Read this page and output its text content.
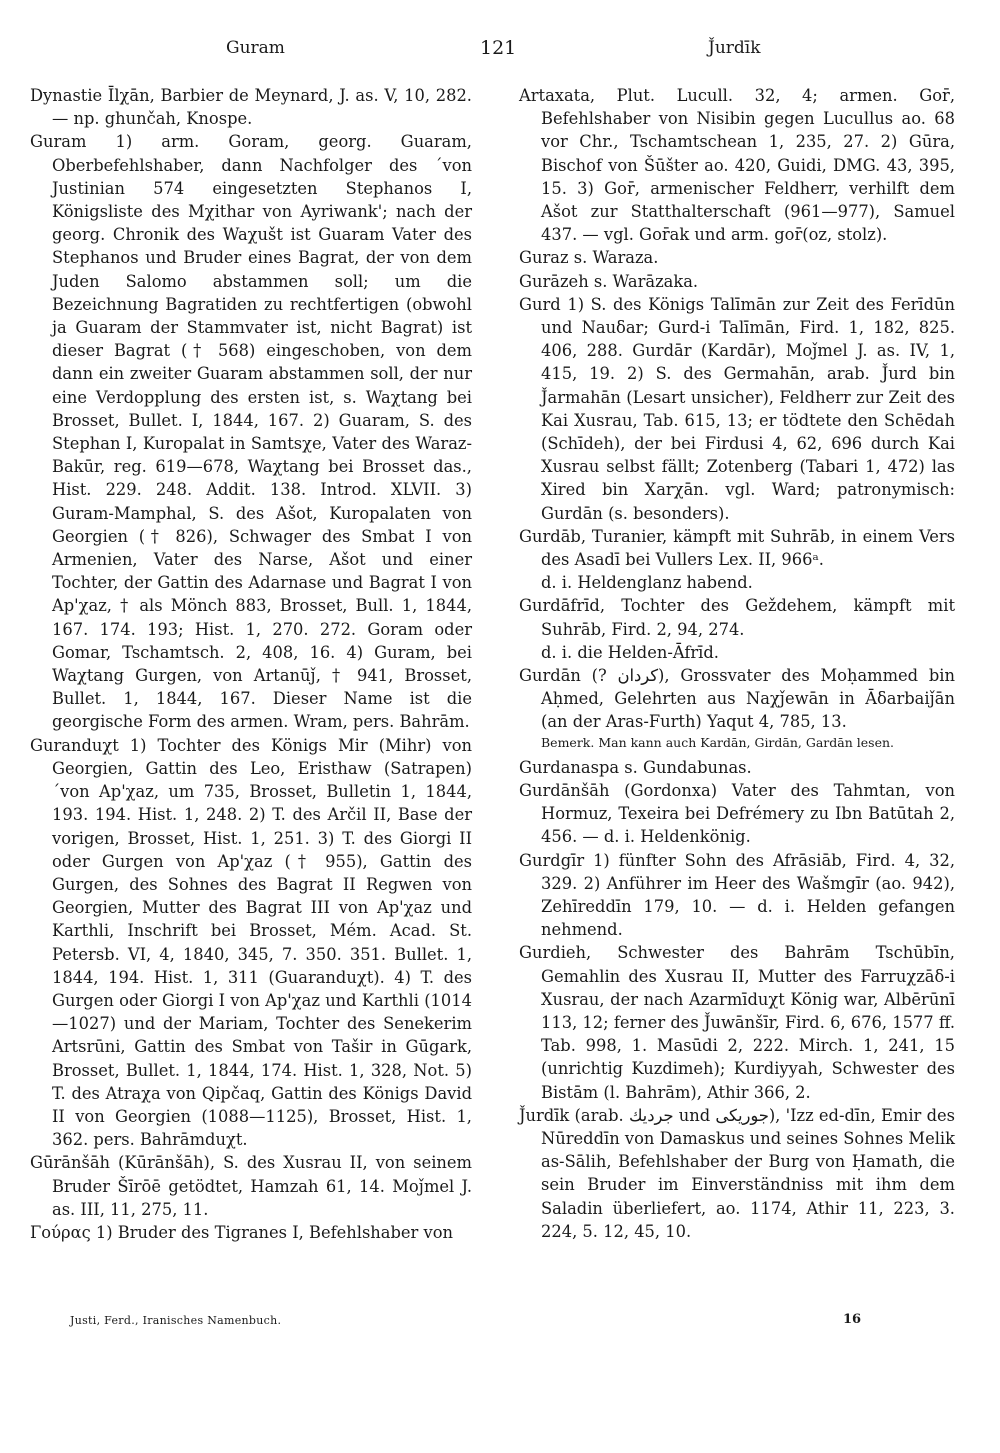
Guram	121	J̌urdīk

Dynastie Īlχān, Barbier de Meynard, J. as. V, 10, 282. — np. ghunčah, Knospe.

Guram 1) arm. Goram, georg. Guaram, Oberbefehlshaber, dann Nachfolger des ´von Justinian 574 eingesetzten Stephanos I, Königsliste des Mχithar von Ayriwank'; nach der georg. Chronik des Waχušt ist Guaram Vater des Stephanos und Bruder eines Bagrat, der von dem Juden Salomo abstammen soll; um die Bezeichnung Bagratiden zu rechtfertigen (obwohl ja Guaram der Stammvater ist, nicht Bagrat) ist dieser Bagrat († 568) eingeschoben, von dem dann ein zweiter Guaram abstammen soll, der nur eine Verdopplung des ersten ist, s. Waχtang bei Brosset, Bullet. I, 1844, 167. 2) Guaram, S. des Stephan I, Kuropalat in Samtsχe, Vater des Waraz-Bakūr, reg. 619—678, Waχtang bei Brosset das., Hist. 229. 248. Addit. 138. Introd. XLVII. 3) Guram-Mamphal, S. des Ašot, Kuropalaten von Georgien († 826), Schwager des Smbat I von Armenien, Vater des Narse, Ašot und einer Tochter, der Gattin des Adarnase und Bagrat I von Ap'χaz, † als Mönch 883, Brosset, Bull. 1, 1844, 167. 174. 193; Hist. 1, 270. 272. Goram oder Gomar, Tschamtsch. 2, 408, 16. 4) Guram, bei Waχtang Gurgen, von Artanūǰ, † 941, Brosset, Bullet. 1, 1844, 167. Dieser Name ist die georgische Form des armen. Wram, pers. Bahrām.

Guranduχt 1) Tochter des Königs Mir (Mihr) von Georgien, Gattin des Leo, Eristhaw (Satrapen) ´von Ap'χaz, um 735, Brosset, Bulletin 1, 1844, 193. 194. Hist. 1, 248. 2) T. des Arčil II, Base der vorigen, Brosset, Hist. 1, 251. 3) T. des Giorgi II oder Gurgen von Ap'χaz († 955), Gattin des Gurgen, des Sohnes des Bagrat II Regwen von Georgien, Mutter des Bagrat III von Ap'χaz und Karthli, Inschrift bei Brosset, Mém. Acad. St. Petersb. VI, 4, 1840, 345, 7. 350. 351. Bullet. 1, 1844, 194. Hist. 1, 311 (Guaranduχt). 4) T. des Gurgen oder Giorgi I von Ap'χaz und Karthli (1014—1027) und der Mariam, Tochter des Senekerim Artsrūni, Gattin des Smbat von Tašir in Gūgark, Brosset, Bullet. 1, 1844, 174. Hist. 1, 328, Not. 5) T. des Atraχa von Qipčaq, Gattin des Königs David II von Georgien (1088—1125), Brosset, Hist. 1, 362. pers. Bahrāmduχt.

Gūrānšāh (Kūrānšāh), S. des Xusrau II, von seinem Bruder Šīrōē getödtet, Hamzah 61, 14. Moǰmel J. as. III, 11, 275, 11.

Γούρας 1) Bruder des Tigranes I, Befehlshaber von

Artaxata, Plut. Lucull. 32, 4; armen. Gor̄, Befehlshaber von Nisibin gegen Lucullus ao. 68 vor Chr., Tschamtschean 1, 235, 27. 2) Gūra, Bischof von Šūšter ao. 420, Guidi, DMG. 43, 395, 15. 3) Gor̄, armenischer Feldherr, verhilft dem Ašot zur Statthalterschaft (961—977), Samuel 437. — vgl. Gor̄ak und arm. gor̄(oz, stolz).

Guraz s. Waraza.

Gurāzeh s. Warāzaka.

Gurd 1) S. des Königs Talīmān zur Zeit des Ferīdūn und Nauδar; Gurd-i Talīmān, Fird. 1, 182, 825. 406, 288. Gurdār (Kardār), Moǰmel J. as. IV, 1, 415, 19. 2) S. des Germahān, arab. J̌urd bin J̌armahān (Lesart unsicher), Feldherr zur Zeit des Kai Xusrau, Tab. 615, 13; er tödtete den Schēdah (Schīdeh), der bei Firdusi 4, 62, 696 durch Kai Xusrau selbst fällt; Zotenberg (Tabari 1, 472) las Xired bin Xarχān. vgl. Ward; patronymisch: Gurdān (s. besonders).

Gurdāb, Turanier, kämpft mit Suhrāb, in einem Vers des Asadī bei Vullers Lex. II, 966ᵃ.

d. i. Heldenglanz habend.

Gurdāfrīd, Tochter des Geždehem, kämpft mit Suhrāb, Fird. 2, 94, 274.

d. i. die Helden-Āfrīd.

Gurdān (? كردان), Grossvater des Moḥammed bin Aḥmed, Gelehrten aus Naχǰewān in Āδarbaiǰān (an der Aras-Furth) Yaqut 4, 785, 13.

Bemerk. Man kann auch Kardān, Girdān, Gardān lesen.

Gurdanaspa s. Gundabunas.

Gurdānšāh (Gordonxa) Vater des Tahmtan, von Hormuz, Texeira bei Defrémery zu Ibn Batūtah 2, 456. — d. i. Heldenkönig.

Gurdgīr 1) fünfter Sohn des Afrāsiāb, Fird. 4, 32, 329. 2) Anführer im Heer des Wašmgīr (ao. 942), Zehīreddīn 179, 10. — d. i. Helden gefangen nehmend.

Gurdieh, Schwester des Bahrām Tschūbīn, Gemahlin des Xusrau II, Mutter des Farruχzāδ-i Xusrau, der nach Azarmīduχt König war, Albērūnī 113, 12; ferner des J̌uwānšīr, Fird. 6, 676, 1577 ff. Tab. 998, 1. Masūdi 2, 222. Mirch. 1, 241, 15 (unrichtig Kuzdimeh); Kurdiyyah, Schwester des Bistām (l. Bahrām), Athir 366, 2.

J̌urdīk (arab. جرديك und جوريكى), 'Izz ed-dīn, Emir des Nūreddīn von Damaskus und seines Sohnes Melik as-Sālih, Befehlshaber der Burg von Ḥamath, die sein Bruder im Einverständniss mit ihm dem Saladin überliefert, ao. 1174, Athir 11, 223, 3. 224, 5. 12, 45, 10.

Justi, Ferd., Iranisches Namenbuch.	16
